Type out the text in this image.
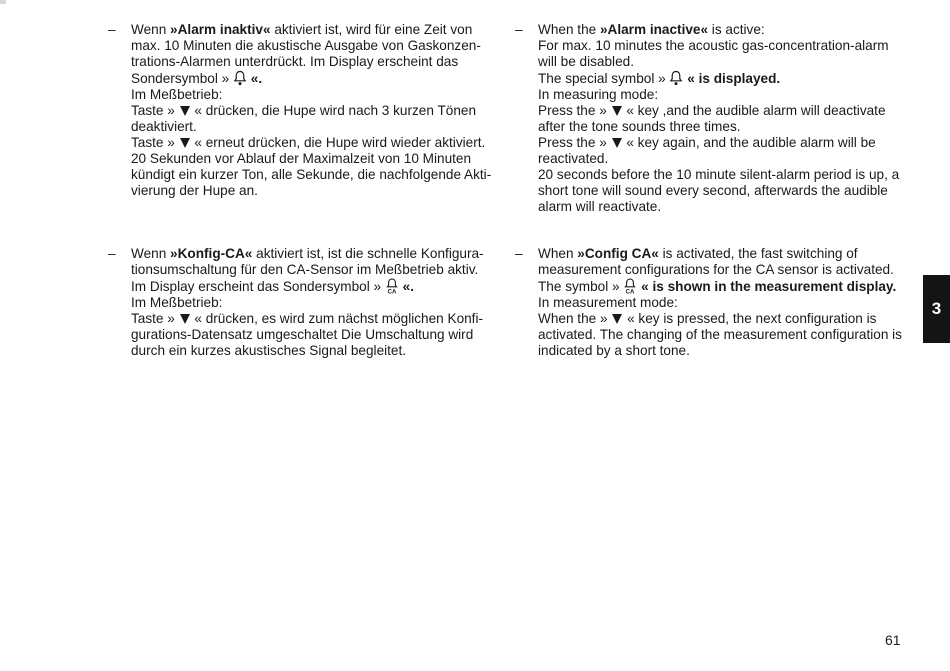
– Wenn »Alarm inaktiv« aktiviert ist, wird für eine Zeit von
max. 10 Minuten die akustische Ausgabe von Gaskonzen-
trations-Alarmen unterdrückt. Im Display erscheint das
Sondersymbol »
«.
Im Meßbetrieb:
Taste »  « drücken, die Hupe wird nach 3 kurzen Tönen
deaktiviert.
Taste »  « erneut drücken, die Hupe wird wieder aktiviert.
20 Sekunden vor Ablauf der Maximalzeit von 10 Minuten
kündigt ein kurzer Ton, alle Sekunde, die nachfolgende Akti-
vierung der Hupe an.
– Wenn »Konfig-CA« aktiviert ist, ist die schnelle Konfigura-
tionsumschaltung für den CA-Sensor im Meßbetrieb aktiv.
Im Display erscheint das Sondersymbol » CA «.
Im Meßbetrieb:
Taste »  « drücken, es wird zum nächst möglichen Konfi-
gurations-Datensatz umgeschaltet Die Umschaltung wird
durch ein kurzes akustisches Signal begleitet.
– When the »Alarm inactive« is active:
For max. 10 minutes the acoustic gas-concentration-alarm
will be disabled.
The special symbol »
« is displayed.
In measuring mode:
Press the »  « key ,and the audible alarm will deactivate
after the tone sounds three times.
Press the »  « key again, and the audible alarm will be
reactivated.
20 seconds before the 10 minute silent-alarm period is up, a
short tone will sound every second, afterwards the audible
alarm will reactivate.
– When »Config CA« is activated, the fast switching of
measurement configurations for the CA sensor is activated.
The symbol » CA « is shown in the measurement display.
In measurement mode:
When the »  « key is pressed, the next configuration is
activated. The changing of the measurement configuration is
indicated by a short tone.
3
61
